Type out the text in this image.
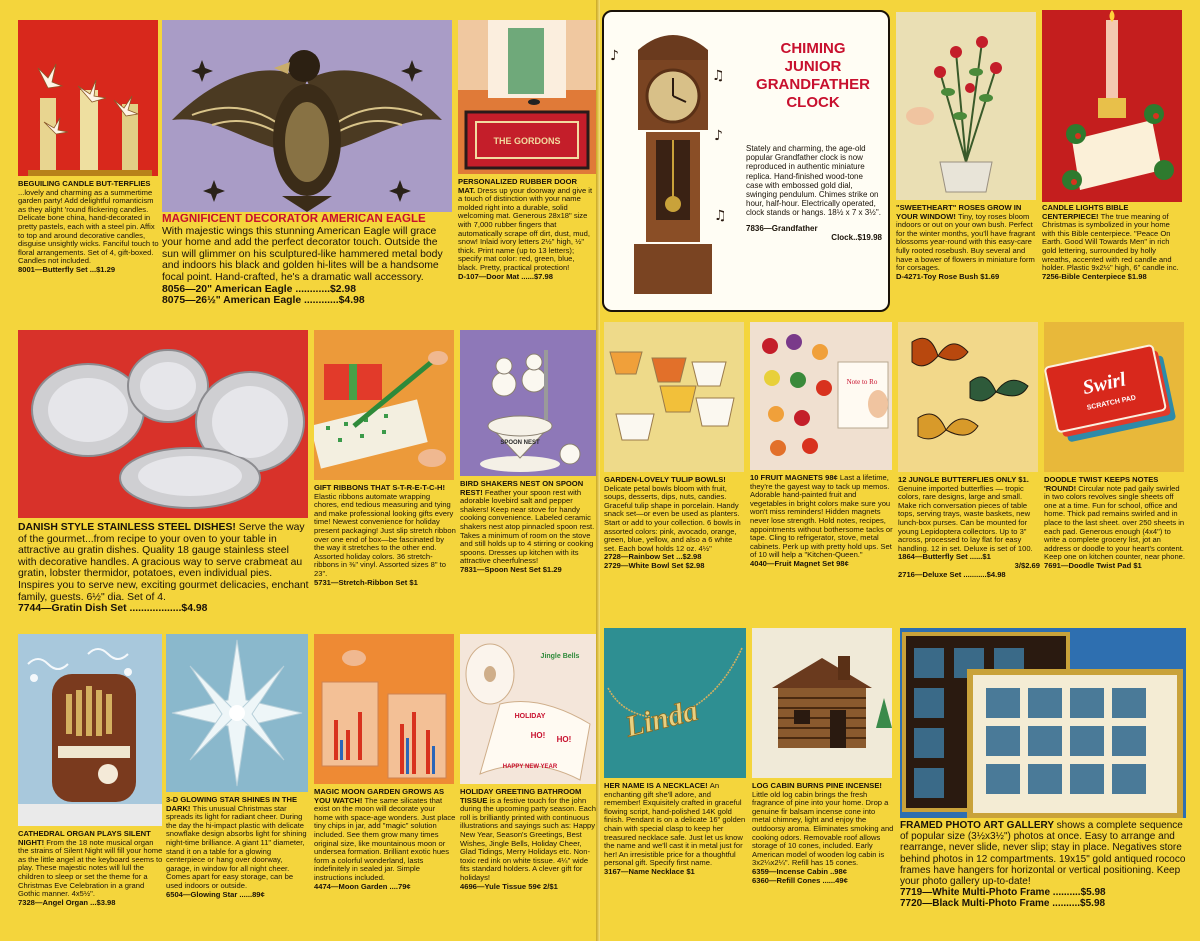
BEGUILING CANDLE BUT-TERFLIES ...lovely and charming as a summertime garden party! Add delightful romanticism as they alight 'round flickering candles. Delicate bone china, hand-decorated in pretty pastels, each with a steel pin. Affix to top and around decorative candles, disguise unsightly wicks. Fanciful touch to floral arrangements. Set of 4, gift-boxed. Candles not included.
8001—Butterfly Set ...$1.29
MAGNIFICENT DECORATOR AMERICAN EAGLE
With majestic wings this stunning American Eagle will grace your home and add the perfect decorator touch. Outside the sun will glimmer on his sculptured-like hammered metal body and indoors his black and golden hi-lites will be a handsome focal point. Hand-crafted, he's a dramatic wall accessory.
8056—20" American Eagle ............$2.98
8075—26½" American Eagle ............$4.98
THE GORDONS
PERSONALIZED RUBBER DOOR MAT. Dress up your doorway and give it a touch of distinction with your name molded right into a durable, solid welcoming mat. Generous 28x18" size with 7,000 rubber fingers that automatically scrape off dirt, dust, mud, snow! Inlaid ivory letters 2½" high, ½" thick. Print name (up to 13 letters); specify mat color: red, green, blue, black. Pretty, practical protection!
D-107—Door Mat ......$7.98
DANISH STYLE STAINLESS STEEL DISHES! Serve the way of the gourmet...from recipe to your oven to your table in attractive au gratin dishes. Quality 18 gauge stainless steel with decorative handles. A gracious way to serve crabmeat au gratin, lobster thermidor, potatoes, even individual pies. Inspires you to serve new, exciting gourmet delicacies, enchant family, guests. 6½" dia. Set of 4.
7744—Gratin Dish Set ..................$4.98
GIFT RIBBONS THAT S-T-R-E-T-C-H! Elastic ribbons automate wrapping chores, end tedious measuring and tying and make professional looking gifts every time! Newest convenience for holiday present packaging! Just slip stretch ribbon over one end of box—be fascinated by the way it stretches to the other end. Assorted holiday colors. 36 stretch-ribbons in ⅜" vinyl. Assorted sizes 8" to 23".
5731—Stretch-Ribbon Set $1
SPOON NEST
BIRD SHAKERS NEST ON SPOON REST! Feather your spoon rest with adorable lovebird salt and pepper shakers! Keep near stove for handy cooking convenience. Labeled ceramic shakers nest atop pinnacled spoon rest. Takes a minimum of room on the stove and still holds up to 4 stirring or cooking spoons. Dresses up kitchen with its attractive cheerfulness!
7831—Spoon Nest Set $1.29
CATHEDRAL ORGAN PLAYS SILENT NIGHT! From the 18 note musical organ the strains of Silent Night will fill your home as the little angel at the keyboard seems to play. These majestic notes will lull the children to sleep or set the theme for a Christmas Eve Celebration in a grand Gothic manner. 4x5½".
7328—Angel Organ ...$3.98
3-D GLOWING STAR SHINES IN THE DARK! This unusual Christmas star spreads its light for radiant cheer. During the day the hi-impact plastic with delicate snowflake design absorbs light for shining night-time brilliance. A giant 11" diameter, stand it on a table for a glowing centerpiece or hang over doorway, garage, in window for all night cheer. Comes apart for easy storage, can be used indoors or outside.
6504—Glowing Star ......89¢
MAGIC MOON GARDEN GROWS AS YOU WATCH! The same silicates that exist on the moon will decorate your home with space-age wonders. Just place tiny chips in jar, add "magic" solution included. See them grow many times original size, like mountainous moon or undersea formation. Brilliant exotic hues form a colorful wonderland, lasts indefinitely in sealed jar. Simple instructions included.
4474—Moon Garden ....79¢
HOLIDAY
Jingle Bells
HO! HO!
HAPPY NEW YEAR
HOLIDAY GREETING BATHROOM TISSUE is a festive touch for the john during the upcoming party season. Each roll is brilliantly printed with continuous illustrations and sayings such as: Happy New Year, Season's Greetings, Best Wishes, Jingle Bells, Holiday Cheer, Glad Tidings, Merry Holidays etc. Non-toxic red ink on white tissue. 4¼" wide fits standard holders. A clever gift for holidays!
4696—Yule Tissue 59¢ 2/$1
♪
♫
♪
♫
CHIMING
JUNIOR
GRANDFATHER
CLOCK
Stately and charming, the age-old popular Grandfather clock is now reproduced in authentic miniature replica. Hand-finished wood-tone case with embossed gold dial, swinging pendulum. Chimes strike on hour, half-hour. Electrically operated, clock stands or hangs. 18½ x 7 x 3½".
7836—Grandfather
Clock..$19.98
"SWEETHEART" ROSES GROW IN YOUR WINDOW! Tiny, toy roses bloom indoors or out on your own bush. Perfect for the winter months, you'll have fragrant blossoms year-round with this easy-care fully rooted rosebush. Buy several and have a bower of flowers in miniature form for corsages.
D-4271-Toy Rose Bush $1.69
CANDLE LIGHTS BIBLE CENTERPIECE! The true meaning of Christmas is symbolized in your home with this Bible centerpiece. "Peace On Earth. Good Will Towards Men" in rich gold lettering, surrounded by holly wreaths, accented with red candle and holder. Plastic 9x2½" high, 6" candle inc.
7256-Bible Centerpiece $1.98
GARDEN-LOVELY TULIP BOWLS! Delicate petal bowls bloom with fruit, soups, desserts, dips, nuts, candies. Graceful tulip shape in porcelain. Handy snack set—or even be used as planters. Start or add to your collection. 6 bowls in assorted colors: pink, avocado, orange, green, blue, yellow, and also a 6 white set. Each bowl holds 12 oz. 4½"
2728—Rainbow Set ...$2.98
2729—White Bowl Set $2.98
Note to Ro
10 FRUIT MAGNETS 98¢ Last a lifetime, they're the gayest way to tack up memos. Adorable hand-painted fruit and vegetables in bright colors make sure you won't miss reminders! Hidden magnets never lose strength. Hold notes, recipes, appointments without bothersome tacks or tape. Cling to refrigerator, stove, metal cabinets. Perk up with pretty hold ups. Set of 10 will help a "Kitchen-Queen."
4040—Fruit Magnet Set 98¢
12 JUNGLE BUTTERFLIES ONLY $1. Genuine imported butterflies — tropic colors, rare designs, large and small. Make rich conversation pieces of table tops, serving trays, waste baskets, new lunch-box purses. Can be mounted for young Lepidoptera collectors. Up to 3" across, processed to lay flat for easy handling. 12 in set. Deluxe is set of 100.
1864—Butterfly Set ......$1
3/$2.69
2716—Deluxe Set ...........$4.98
Swirl
SCRATCH PAD
DOODLE TWIST KEEPS NOTES 'ROUND! Circular note pad gaily swirled in two colors revolves single sheets off one at a time. Fun for school, office and home. Thick pad remains swirled and in place to the last sheet. over 250 sheets in each pad. Generous enough (4x4") to write a complete grocery list, jot an address or doodle to your heart's content. Keep one on kitchen counter, near phone.
7691—Doodle Twist Pad $1
Linda
HER NAME IS A NECKLACE! An enchanting gift she'll adore, and remember! Exquisitely crafted in graceful flowing script, hand-polished 14K gold finish. Pendant is on a delicate 16" golden chain with special clasp to keep her treasured necklace safe. Just let us know the name and we'll cast it in metal just for her! An irresistible price for a thoughtful personal gift. Specify first name.
3167—Name Necklace $1
LOG CABIN BURNS PINE INCENSE! Little old log cabin brings the fresh fragrance of pine into your home. Drop a genuine fir balsam incense cone into metal chimney, light and enjoy the outdoorsy aroma. Eliminates smoking and cooking odors. Removable roof allows storage of 10 cones, included. Early American model of wooden log cabin is 3x2¼x2¼". Refill has 15 cones.
6359—Incense Cabin ..98¢
6360—Refill Cones ......49¢
FRAMED PHOTO ART GALLERY shows a complete sequence of popular size (3½x3½") photos at once. Easy to arrange and rearrange, never slide, never slip; stay in place. Negatives store behind photos in 12 compartments. 19x15" gold antiqued rococo frames have hangers for horizontal or vertical positioning. Keep your photo gallery up-to-date!
7719—White Multi-Photo Frame ..........$5.98
7720—Black Multi-Photo Frame ..........$5.98
